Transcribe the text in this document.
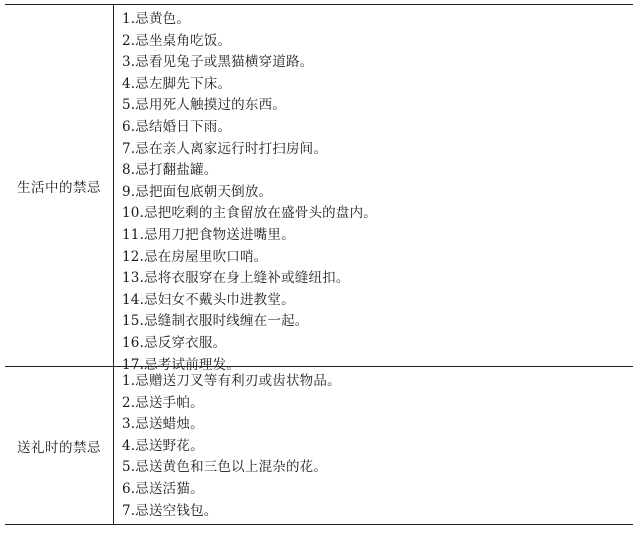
生活中的禁忌
1.忌黄色。
2.忌坐桌角吃饭。
3.忌看见兔子或黑猫横穿道路。
4.忌左脚先下床。
5.忌用死人触摸过的东西。
6.忌结婚日下雨。
7.忌在亲人离家远行时打扫房间。
8.忌打翻盐罐。
9.忌把面包底朝天倒放。
10.忌把吃剩的主食留放在盛骨头的盘内。
11.忌用刀把食物送进嘴里。
12.忌在房屋里吹口哨。
13.忌将衣服穿在身上缝补或缝纽扣。
14.忌妇女不戴头巾进教堂。
15.忌缝制衣服时线缠在一起。
16.忌反穿衣服。
17.忌考试前理发。
送礼时的禁忌
1.忌赠送刀叉等有利刃或齿状物品。
2.忌送手帕。
3.忌送蜡烛。
4.忌送野花。
5.忌送黄色和三色以上混杂的花。
6.忌送活猫。
7.忌送空钱包。
